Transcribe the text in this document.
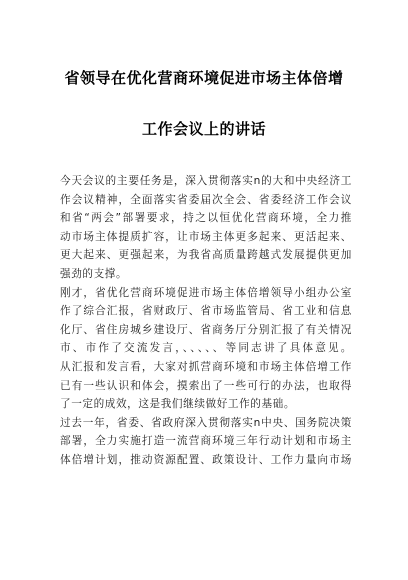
省领导在优化营商环境促进市场主体倍增
工作会议上的讲话
今天会议的主要任务是，深入贯彻落实n的大和中央经济工
作会议精神，全面落实省委届次全会、省委经济工作会议
和省“两会”部署要求，持之以恒优化营商环境，全力推
动市场主体提质扩容，让市场主体更多起来、更活起来、
更大起来、更强起来，为我省高质量跨越式发展提供更加
强劲的支撑。
刚才，省优化营商环境促进市场主体倍增领导小组办公室
作了综合汇报，省财政厅、省市场监管局、省工业和信息
化厅、省住房城乡建设厅、省商务厅分别汇报了有关情况
市、市作了交流发言，、、、、、等同志讲了具体意见。
从汇报和发言看，大家对抓营商环境和市场主体倍增工作
已有一些认识和体会，摸索出了一些可行的办法，也取得
了一定的成效，这是我们继续做好工作的基础。
过去一年，省委、省政府深入贯彻落实n中央、国务院决策
部署，全力实施打造一流营商环境三年行动计划和市场主
体倍增计划，推动资源配置、政策设计、工作力量向市场
